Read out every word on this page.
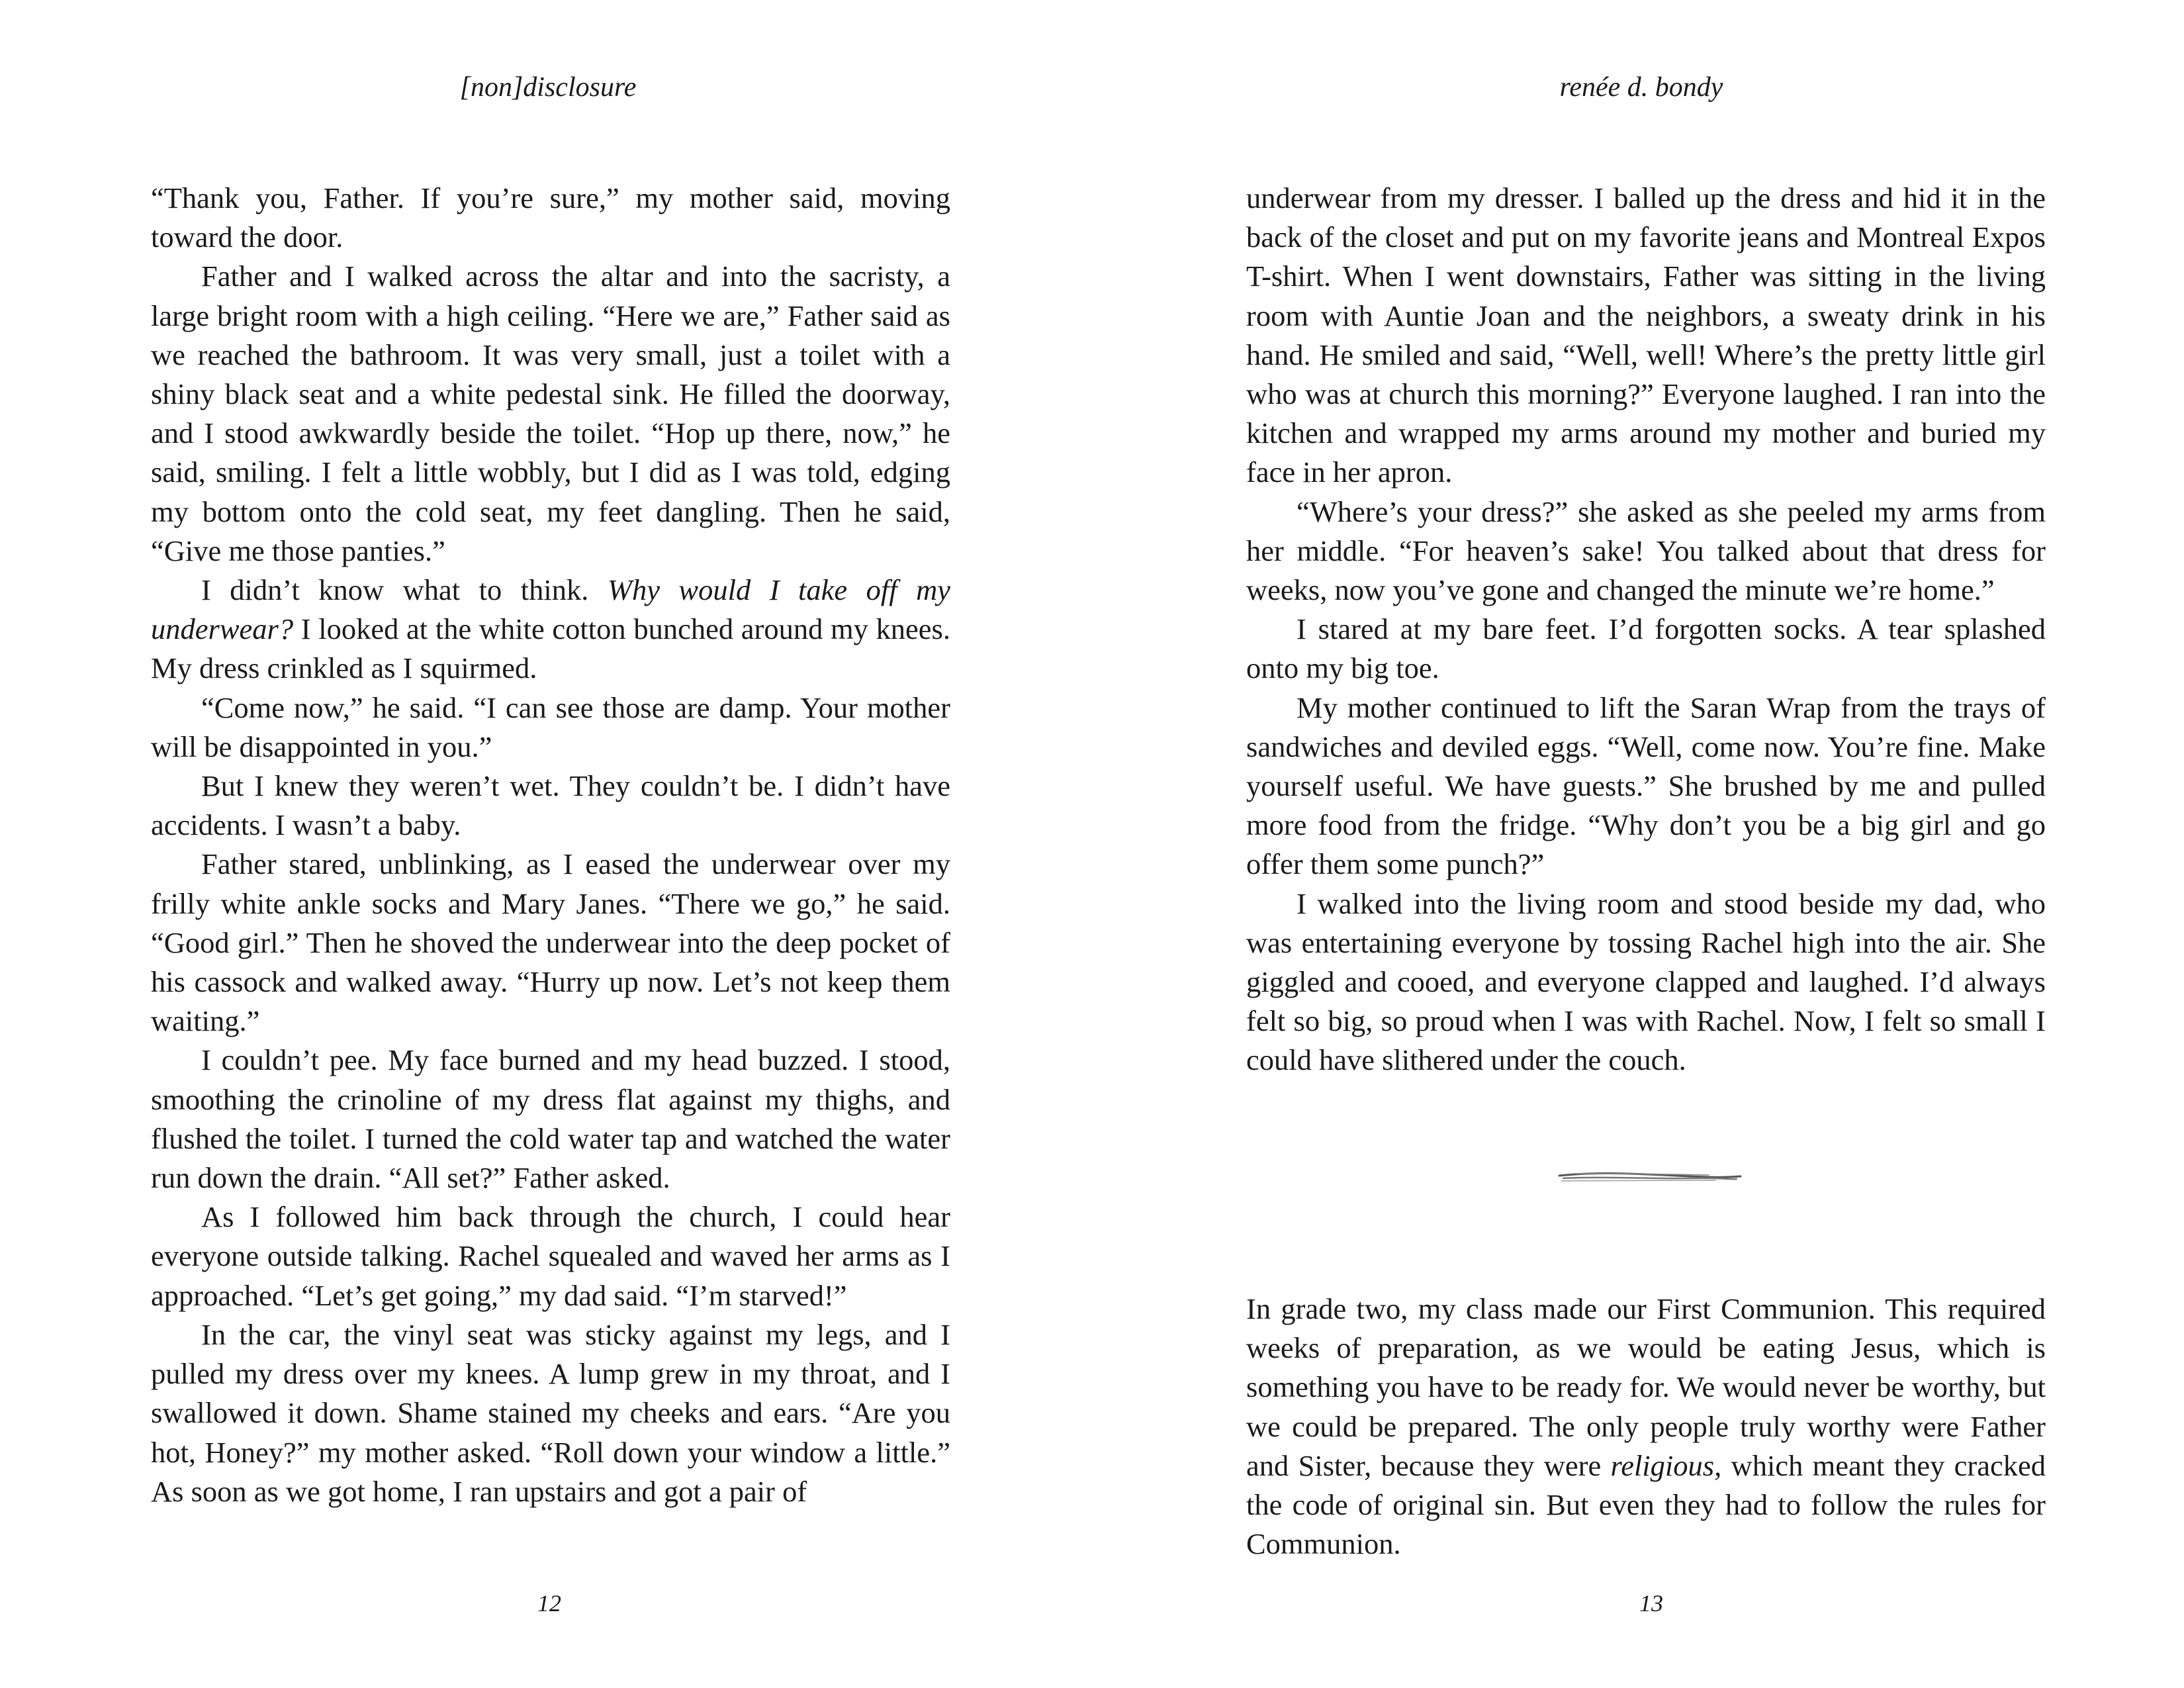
[non]disclosure

“Thank you, Father. If you’re sure,” my mother said, moving toward the door.

Father and I walked across the altar and into the sacristy, a large bright room with a high ceiling. “Here we are,” Father said as we reached the bathroom. It was very small, just a toilet with a shiny black seat and a white pedestal sink. He filled the doorway, and I stood awkwardly beside the toilet. “Hop up there, now,” he said, smiling. I felt a little wobbly, but I did as I was told, edging my bottom onto the cold seat, my feet dangling. Then he said, “Give me those panties.”

I didn’t know what to think. Why would I take off my underwear? I looked at the white cotton bunched around my knees. My dress crinkled as I squirmed.

“Come now,” he said. “I can see those are damp. Your mother will be disappointed in you.”

But I knew they weren’t wet. They couldn’t be. I didn’t have accidents. I wasn’t a baby.

Father stared, unblinking, as I eased the underwear over my frilly white ankle socks and Mary Janes. “There we go,” he said. “Good girl.” Then he shoved the underwear into the deep pocket of his cassock and walked away. “Hurry up now. Let’s not keep them waiting.”

I couldn’t pee. My face burned and my head buzzed. I stood, smoothing the crinoline of my dress flat against my thighs, and flushed the toilet. I turned the cold water tap and watched the water run down the drain. “All set?” Father asked.

As I followed him back through the church, I could hear everyone outside talking. Rachel squealed and waved her arms as I approached. “Let’s get going,” my dad said. “I’m starved!”

In the car, the vinyl seat was sticky against my legs, and I pulled my dress over my knees. A lump grew in my throat, and I swallowed it down. Shame stained my cheeks and ears. “Are you hot, Honey?” my mother asked. “Roll down your window a little.” As soon as we got home, I ran upstairs and got a pair of

12
renée d. bondy

underwear from my dresser. I balled up the dress and hid it in the back of the closet and put on my favorite jeans and Montreal Expos T-shirt. When I went downstairs, Father was sitting in the living room with Auntie Joan and the neighbors, a sweaty drink in his hand. He smiled and said, “Well, well! Where’s the pretty little girl who was at church this morning?” Everyone laughed. I ran into the kitchen and wrapped my arms around my mother and buried my face in her apron.

“Where’s your dress?” she asked as she peeled my arms from her middle. “For heaven’s sake! You talked about that dress for weeks, now you’ve gone and changed the minute we’re home.”

I stared at my bare feet. I’d forgotten socks. A tear splashed onto my big toe.

My mother continued to lift the Saran Wrap from the trays of sandwiches and deviled eggs. “Well, come now. You’re fine. Make yourself useful. We have guests.” She brushed by me and pulled more food from the fridge. “Why don’t you be a big girl and go offer them some punch?”

I walked into the living room and stood beside my dad, who was entertaining everyone by tossing Rachel high into the air. She giggled and cooed, and everyone clapped and laughed. I’d always felt so big, so proud when I was with Rachel. Now, I felt so small I could have slithered under the couch.

In grade two, my class made our First Communion. This required weeks of preparation, as we would be eating Jesus, which is something you have to be ready for. We would never be worthy, but we could be prepared. The only people truly worthy were Father and Sister, because they were religious, which meant they cracked the code of original sin. But even they had to follow the rules for Communion.

13
